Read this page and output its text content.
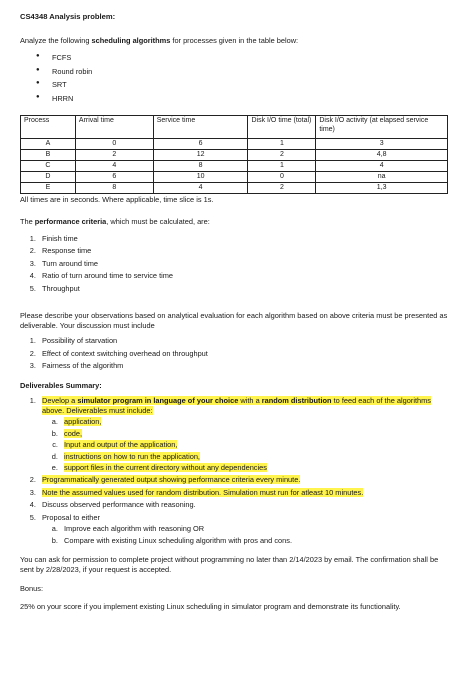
CS4348 Analysis problem:

Analyze the following scheduling algorithms for processes given in the table below:

● FCFS
● Round robin
● SRT
● HRRN
Process	Arrival time	Service time	Disk I/O time (total)	Disk I/O activity (at elapsed service time)
A	0	6	1	3
B	2	12	2	4,8
C	4	8	1	4
D	6	10	0	na
E	8	4	2	1,3

All times are in seconds. Where applicable, time slice is 1s.

The performance criteria, which must be calculated, are:

1. Finish time
2. Response time
3. Turn around time
4. Ratio of turn around time to service time
5. Throughput

Please describe your observations based on analytical evaluation for each algorithm based on above criteria must be presented as deliverable. Your discussion must include

1. Possibility of starvation
2. Effect of context switching overhead on throughput
3. Fairness of the algorithm
Deliverables Summary:
1. Develop a simulator program in language of your choice with a random distribution to feed each of the algorithms above. Deliverables must include:
a. application,
b. code,
c. Input and output of the application,
d. instructions on how to run the application,
e. support files in the current directory without any dependencies
2. Programmatically generated output showing performance criteria every minute.
3. Note the assumed values used for random distribution. Simulation must run for atleast 10 minutes.
4. Discuss observed performance with reasoning.
5. Proposal to either
a. Improve each algorithm with reasoning OR
b. Compare with existing Linux scheduling algorithm with pros and cons.

You can ask for permission to complete project without programming no later than 2/14/2023 by email. The confirmation shall be sent by 2/28/2023, if your request is accepted.

Bonus:

25% on your score if you implement existing Linux scheduling in simulator program and demonstrate its functionality.
